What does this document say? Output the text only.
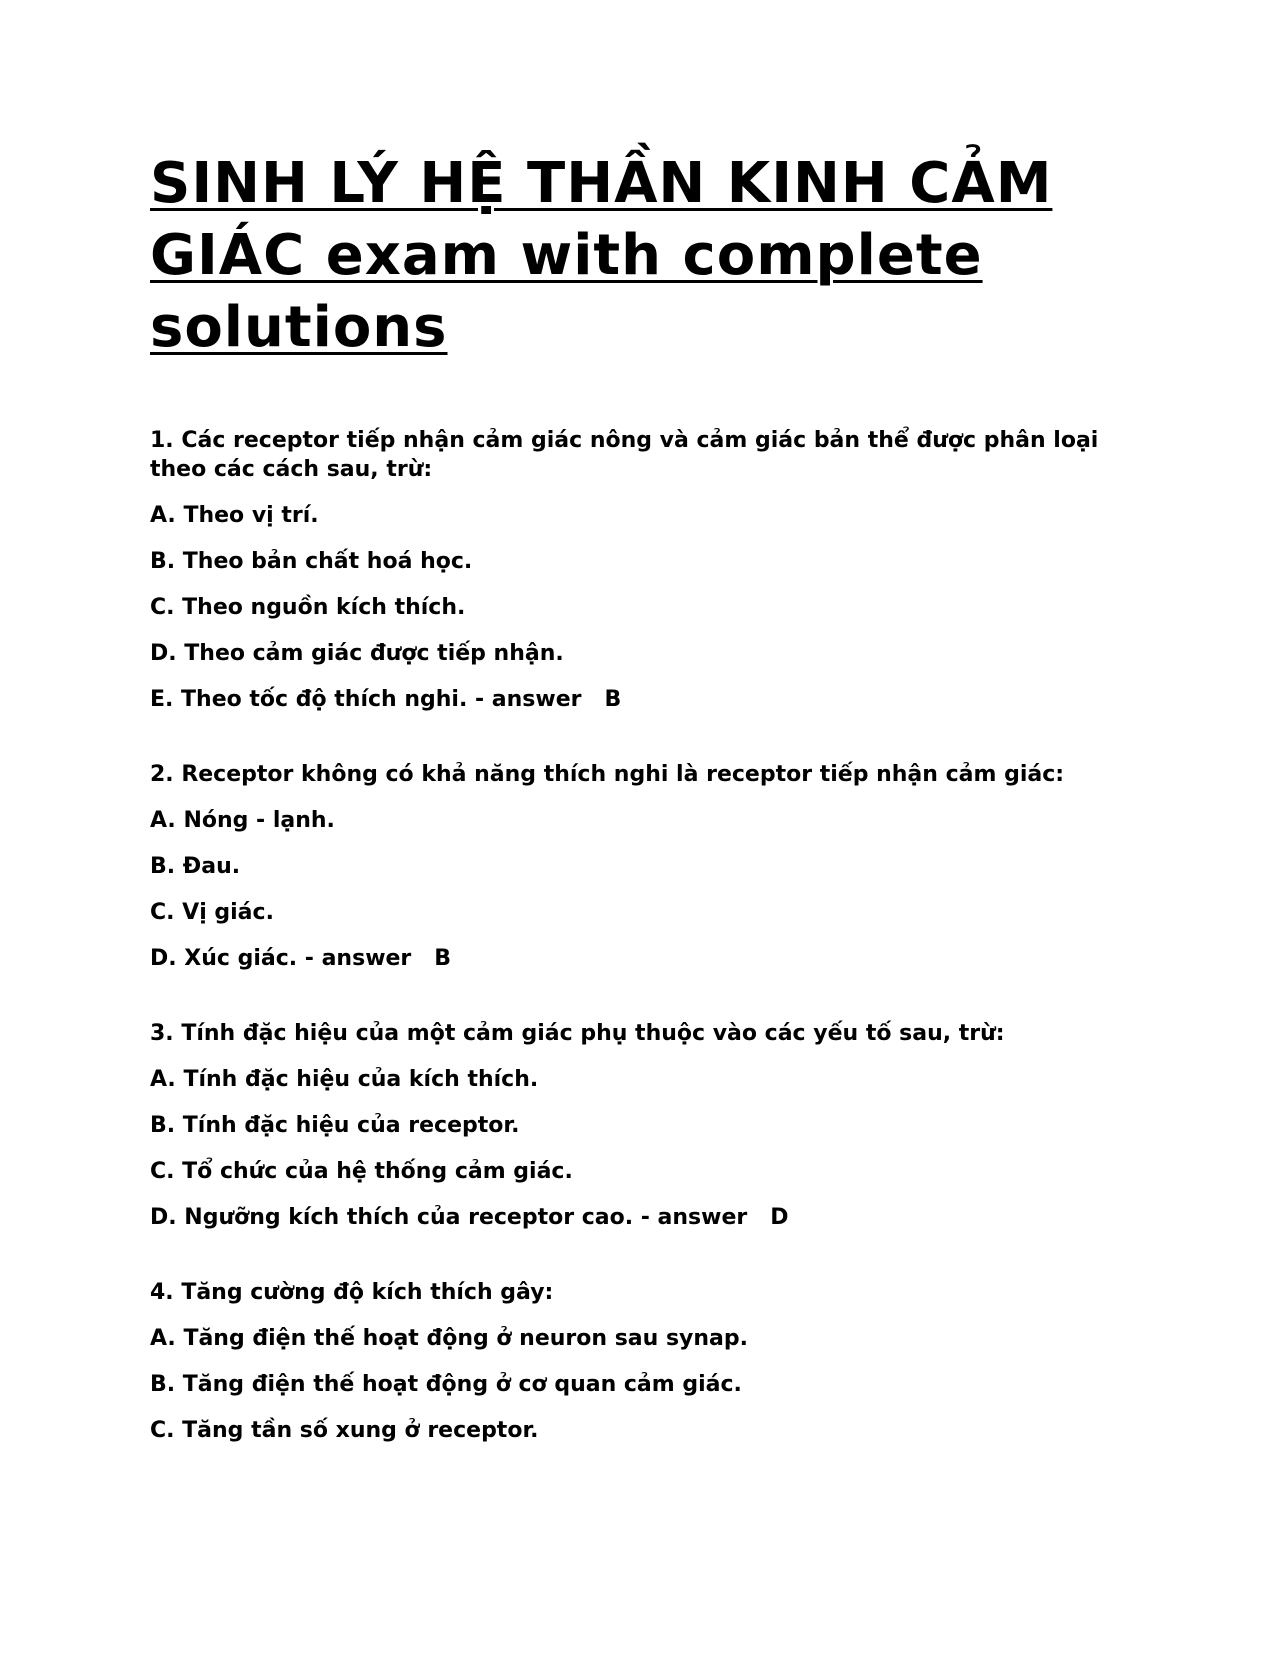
SINH LÝ HỆ THẦN KINH CẢM GIÁC exam with complete solutions

1. Các receptor tiếp nhận cảm giác nông và cảm giác bản thể được phân loại theo các cách sau, trừ:

A. Theo vị trí.

B. Theo bản chất hoá học.

C. Theo nguồn kích thích.

D. Theo cảm giác được tiếp nhận.

E. Theo tốc độ thích nghi. - answer   B

2. Receptor không có khả năng thích nghi là receptor tiếp nhận cảm giác:

A. Nóng - lạnh.

B. Đau.

C. Vị giác.

D. Xúc giác. - answer   B

3. Tính đặc hiệu của một cảm giác phụ thuộc vào các yếu tố sau, trừ:

A. Tính đặc hiệu của kích thích.

B. Tính đặc hiệu của receptor.

C. Tổ chức của hệ thống cảm giác.

D. Ngưỡng kích thích của receptor cao. - answer   D

4. Tăng cường độ kích thích gây:

A. Tăng điện thế hoạt động ở neuron sau synap.

B. Tăng điện thế hoạt động ở cơ quan cảm giác.

C. Tăng tần số xung ở receptor.
